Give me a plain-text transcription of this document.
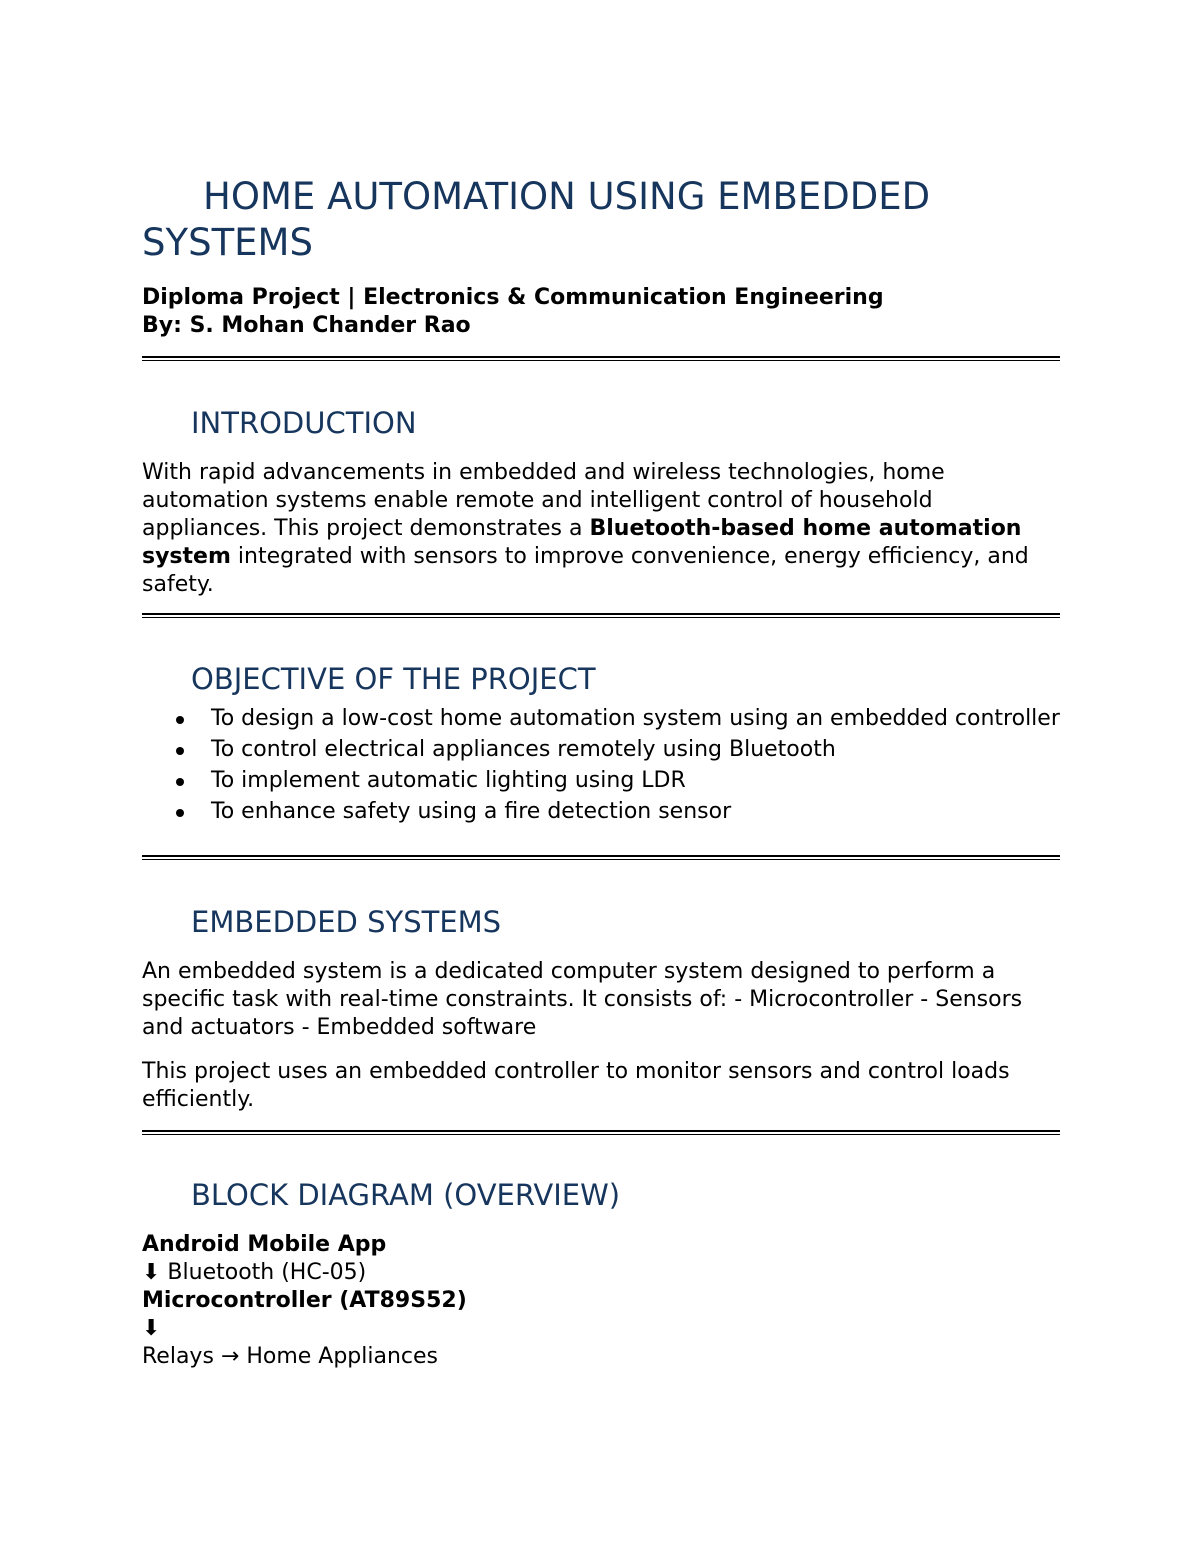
HOME AUTOMATION USING EMBEDDED SYSTEMS
Diploma Project | Electronics & Communication Engineering
By: S. Mohan Chander Rao
INTRODUCTION

With rapid advancements in embedded and wireless technologies, home automation systems enable remote and intelligent control of household appliances. This project demonstrates a Bluetooth-based home automation system integrated with sensors to improve convenience, energy efficiency, and safety.

OBJECTIVE OF THE PROJECT
To design a low-cost home automation system using an embedded controller
To control electrical appliances remotely using Bluetooth
To implement automatic lighting using LDR
To enhance safety using a fire detection sensor
EMBEDDED SYSTEMS

An embedded system is a dedicated computer system designed to perform a specific task with real-time constraints. It consists of: - Microcontroller - Sensors and actuators - Embedded software

This project uses an embedded controller to monitor sensors and control loads efficiently.

BLOCK DIAGRAM (OVERVIEW)
Android Mobile App
⬇ Bluetooth (HC-05)
Microcontroller (AT89S52)
⬇
Relays → Home Appliances
